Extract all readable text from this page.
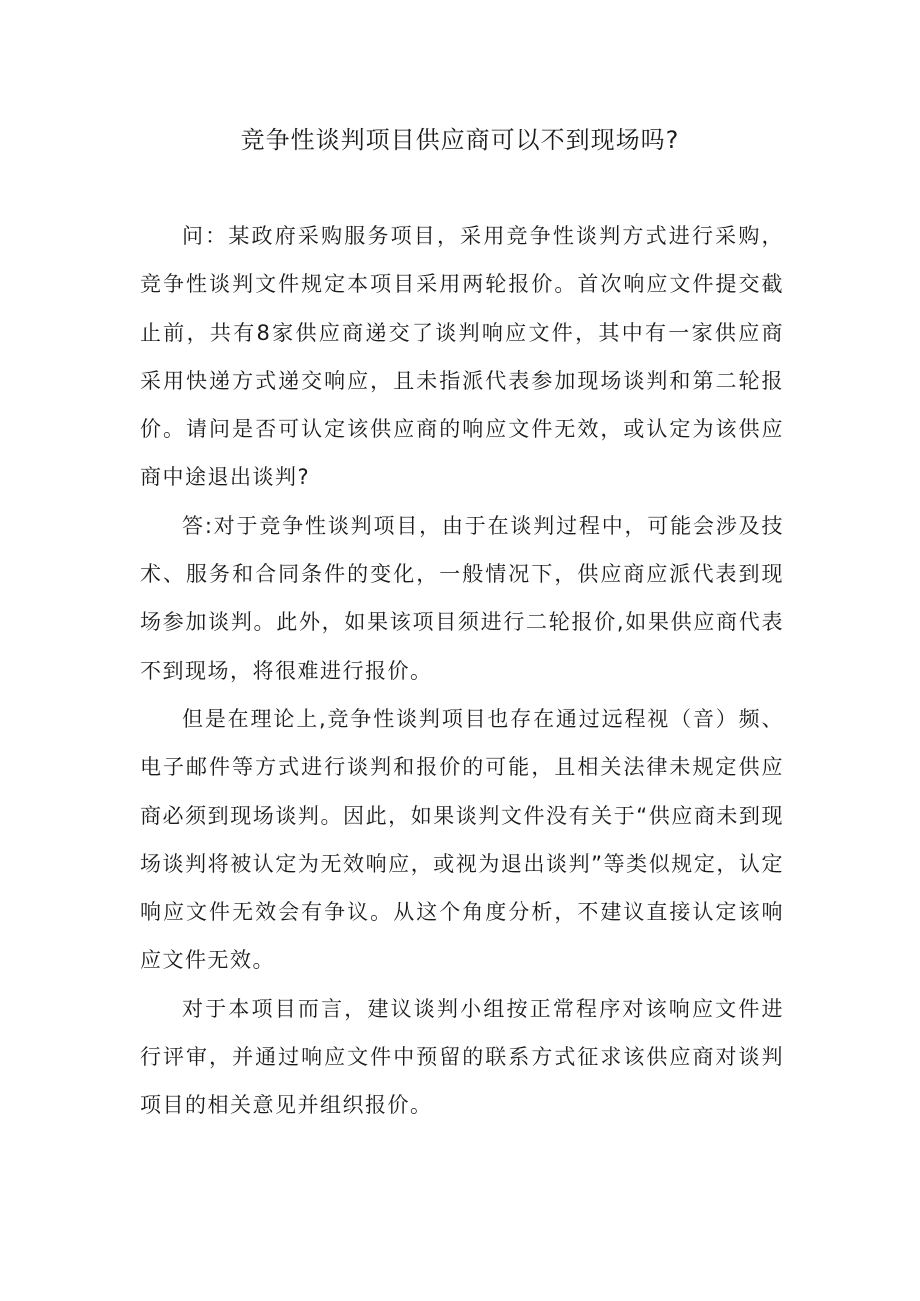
竞争性谈判项目供应商可以不到现场吗?

问：某政府采购服务项目，采用竞争性谈判方式进行采购，竞争性谈判文件规定本项目采用两轮报价。首次响应文件提交截止前，共有8家供应商递交了谈判响应文件，其中有一家供应商采用快递方式递交响应，且未指派代表参加现场谈判和第二轮报价。请问是否可认定该供应商的响应文件无效，或认定为该供应商中途退出谈判?

答:对于竞争性谈判项目，由于在谈判过程中，可能会涉及技术、服务和合同条件的变化，一般情况下，供应商应派代表到现场参加谈判。此外，如果该项目须进行二轮报价,如果供应商代表不到现场，将很难进行报价。

但是在理论上,竞争性谈判项目也存在通过远程视（音）频、电子邮件等方式进行谈判和报价的可能，且相关法律未规定供应商必须到现场谈判。因此，如果谈判文件没有关于“供应商未到现场谈判将被认定为无效响应，或视为退出谈判”等类似规定，认定响应文件无效会有争议。从这个角度分析，不建议直接认定该响应文件无效。

对于本项目而言，建议谈判小组按正常程序对该响应文件进行评审，并通过响应文件中预留的联系方式征求该供应商对谈判项目的相关意见并组织报价。
